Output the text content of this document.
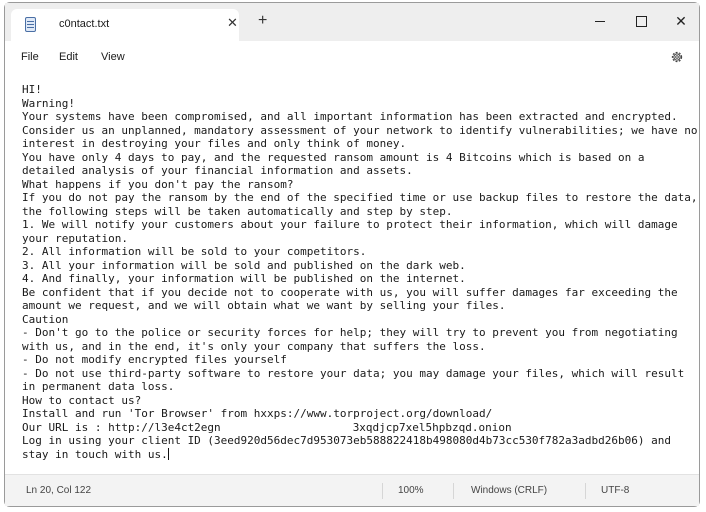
c0ntact.txt	✕ +	✕
File Edit View
HI!
Warning!
Your systems have been compromised, and all important information has been extracted and encrypted.
Consider us an unplanned, mandatory assessment of your network to identify vulnerabilities; we have no interest in destroying your files and only think of money.
You have only 4 days to pay, and the requested ransom amount is 4 Bitcoins which is based on a detailed analysis of your financial information and assets.
What happens if you don't pay the ransom?
If you do not pay the ransom by the end of the specified time or use backup files to restore the data, the following steps will be taken automatically and step by step.
1. We will notify your customers about your failure to protect their information, which will damage your reputation.
2. All information will be sold to your competitors.
3. All your information will be sold and published on the dark web.
4. And finally, your information will be published on the internet.
Be confident that if you decide not to cooperate with us, you will suffer damages far exceeding the amount we request, and we will obtain what we want by selling your files.
Caution
- Don't go to the police or security forces for help; they will try to prevent you from negotiating with us, and in the end, it's only your company that suffers the loss.
- Do not modify encrypted files yourself
- Do not use third-party software to restore your data; you may damage your files, which will result in permanent data loss.
How to contact us?
Install and run 'Tor Browser' from hxxps://www.torproject.org/download/
Our URL is : http://l3e4ct2egn	3xqdjcp7xel5hpbzqd.onion
Log in using your client ID (3eed920d56dec7d953073eb588822418b498080d4b73cc530f782a3adbd26b06) and stay in touch with us.
Ln 20, Col 122	100%	Windows (CRLF)	UTF-8
